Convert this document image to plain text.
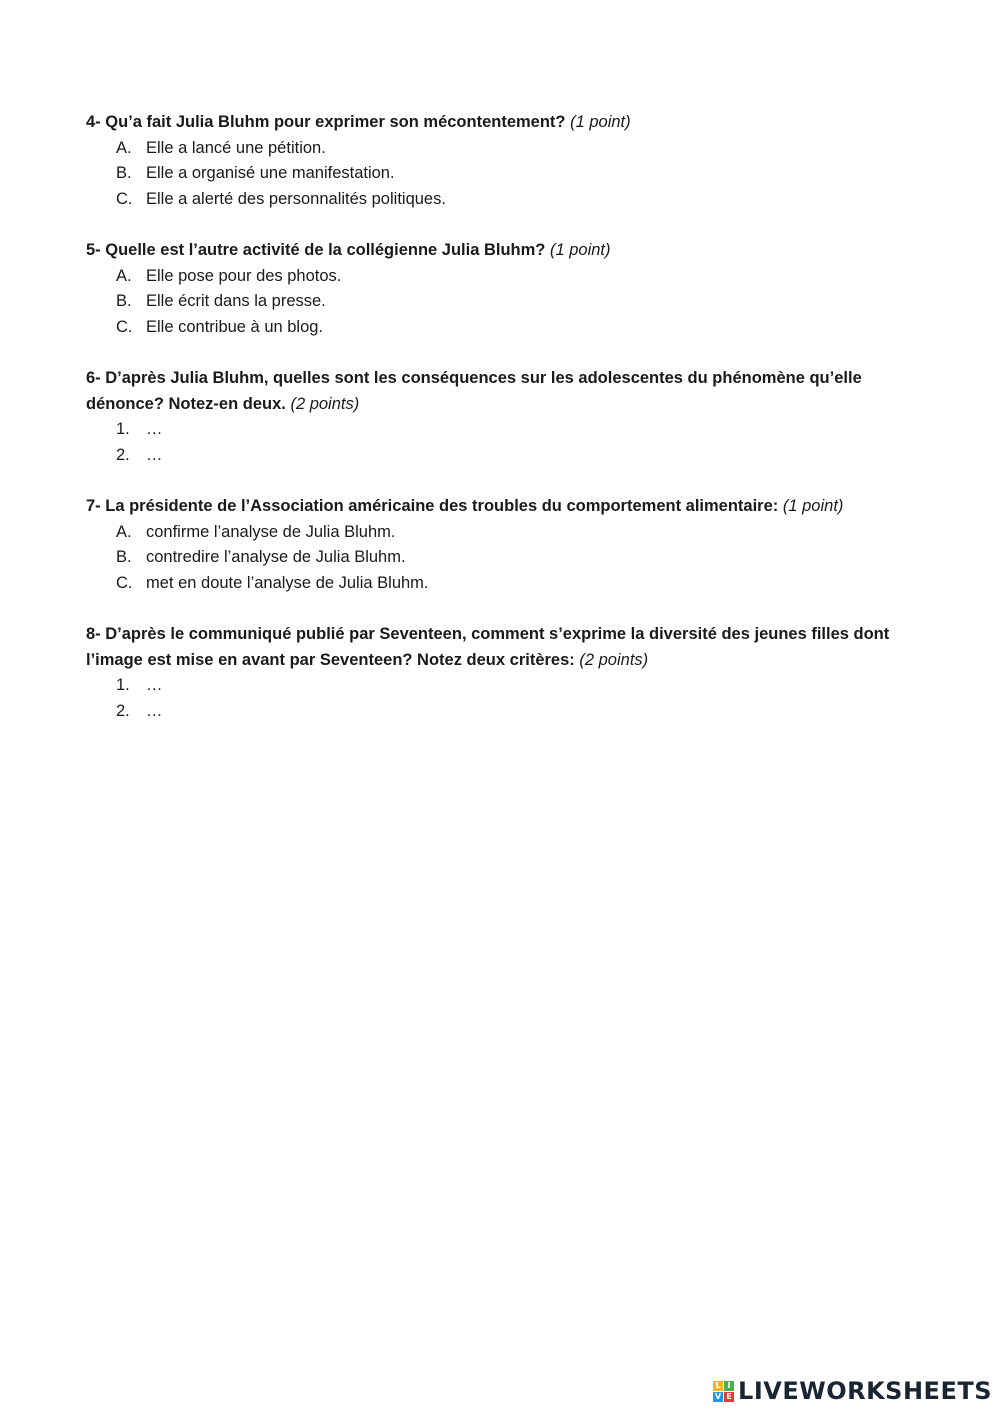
4- Qu’a fait Julia Bluhm pour exprimer son mécontentement? (1 point)

A. Elle a lancé une pétition.
B. Elle a organisé une manifestation.
C. Elle a alerté des personnalités politiques.

5- Quelle est l’autre activité de la collégienne Julia Bluhm? (1 point)

A. Elle pose pour des photos.
B. Elle écrit dans la presse.
C. Elle contribue à un blog.

6- D’après Julia Bluhm, quelles sont les conséquences sur les adolescentes du phénomène qu’elle dénonce? Notez-en deux. (2 points)

1. …
2. …

7- La présidente de l’Association américaine des troubles du comportement alimentaire: (1 point)

A. confirme l’analyse de Julia Bluhm.
B. contredire l’analyse de Julia Bluhm.
C. met en doute l’analyse de Julia Bluhm.

8- D’après le communiqué publié par Seventeen, comment s’exprime la diversité des jeunes filles dont l’image est mise en avant par Seventeen? Notez deux critères: (2 points)

1. …
2. …
L I
V E LIVEWORKSHEETS
